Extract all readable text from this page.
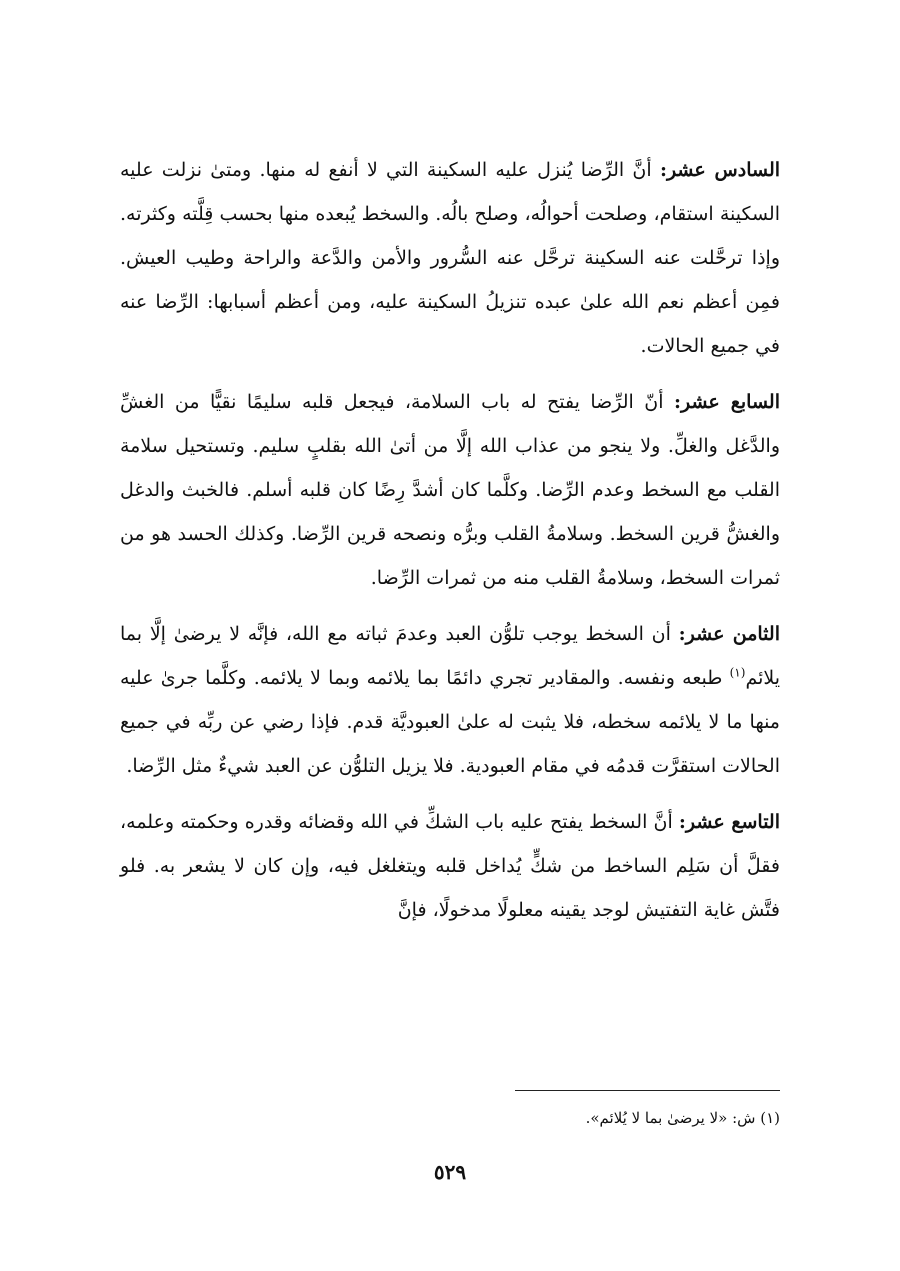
السادس عشر: أنَّ الرِّضا يُنزل عليه السكينة التي لا أنفع له منها. ومتىٰ نزلت عليه السكينة استقام، وصلحت أحوالُه، وصلح بالُه. والسخط يُبعده منها بحسب قِلَّته وكثرته. وإذا ترحَّلت عنه السكينة ترحَّل عنه السُّرور والأمن والدَّعة والراحة وطيب العيش. فمِن أعظم نعم الله علىٰ عبده تنزيلُ السكينة عليه، ومن أعظم أسبابها: الرِّضا عنه في جميع الحالات.

السابع عشر: أنّ الرِّضا يفتح له باب السلامة، فيجعل قلبه سليمًا نقيًّا من الغشِّ والدَّغل والغلِّ. ولا ينجو من عذاب الله إلَّا من أتىٰ الله بقلبٍ سليم. وتستحيل سلامة القلب مع السخط وعدم الرِّضا. وكلَّما كان أشدَّ رِضًا كان قلبه أسلم. فالخبث والدغل والغشُّ قرين السخط. وسلامةُ القلب وبرُّه ونصحه قرين الرِّضا. وكذلك الحسد هو من ثمرات السخط، وسلامةُ القلب منه من ثمرات الرِّضا.

الثامن عشر: أن السخط يوجب تلوُّن العبد وعدمَ ثباته مع الله، فإنَّه لا يرضىٰ إلَّا بما يلائم$^{(١)}$ طبعه ونفسه. والمقادير تجري دائمًا بما يلائمه وبما لا يلائمه. وكلَّما جرىٰ عليه منها ما لا يلائمه سخطه، فلا يثبت له علىٰ العبوديَّة قدم. فإذا رضي عن ربِّه في جميع الحالات استقرَّت قدمُه في مقام العبودية. فلا يزيل التلوُّن عن العبد شيءٌ مثل الرِّضا.

التاسع عشر: أنَّ السخط يفتح عليه باب الشكِّ في الله وقضائه وقدره وحكمته وعلمه، فقلَّ أن سَلِم الساخط من شكٍّ يُداخل قلبه ويتغلغل فيه، وإن كان لا يشعر به. فلو فتَّش غاية التفتيش لوجد يقينه معلولًا مدخولًا، فإنَّ

(١) ش: «لا يرضىٰ بما لا يُلائم».
٥٢٩
